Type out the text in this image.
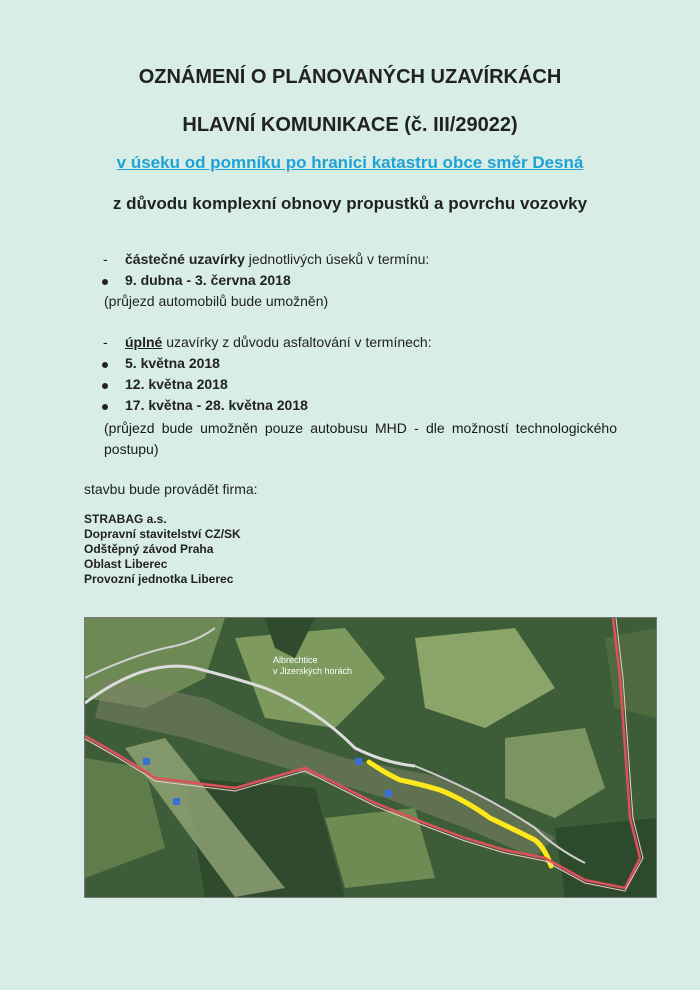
OZNÁMENÍ O PLÁNOVANÝCH UZAVÍRKÁCH
HLAVNÍ KOMUNIKACE (č. III/29022)
v úseku od pomníku po hranici katastru obce směr Desná
z důvodu komplexní obnovy propustků a povrchu vozovky
- částečné uzavírky jednotlivých úseků v termínu:
9. dubna - 3. června 2018
(průjezd automobilů bude umožněn)
- úplné uzavírky z důvodu asfaltování v termínech:
5. května 2018
12. května 2018
17. května - 28. května 2018
(průjezd bude umožněn pouze autobusu MHD - dle možností technologického postupu)
stavbu bude provádět firma:
STRABAG a.s.
Dopravní stavitelství CZ/SK
Odštěpný závod Praha
Oblast Liberec
Provozní jednotka Liberec
Albrechtice
v Jizerských horách
